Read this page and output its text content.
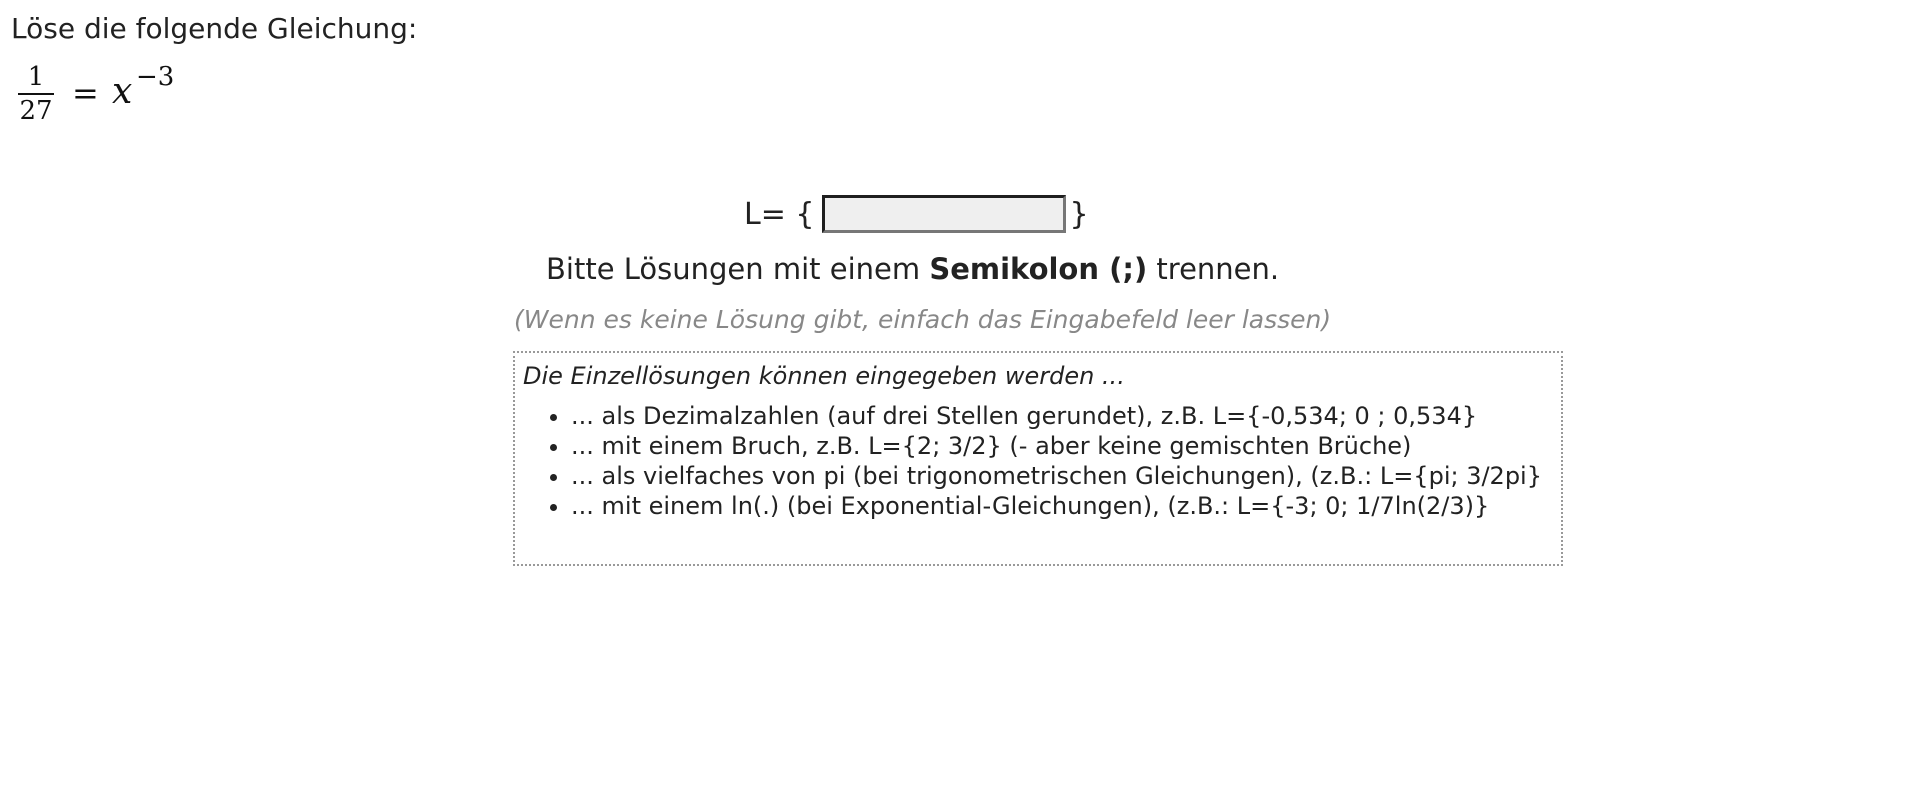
Löse die folgende Gleichung:
1
27 = x −3
L= {	}
Bitte Lösungen mit einem Semikolon (;) trennen.
(Wenn es keine Lösung gibt, einfach das Eingabefeld leer lassen)

Die Einzellösungen können eingegeben werden ...

• ... als Dezimalzahlen (auf drei Stellen gerundet), z.B. L={-0,534; 0 ; 0,534}
• ... mit einem Bruch, z.B. L={2; 3/2} (- aber keine gemischten Brüche)
• ... als vielfaches von pi (bei trigonometrischen Gleichungen), (z.B.: L={pi; 3/2pi}
• ... mit einem ln(.) (bei Exponential-Gleichungen), (z.B.: L={-3; 0; 1/7ln(2/3)}
